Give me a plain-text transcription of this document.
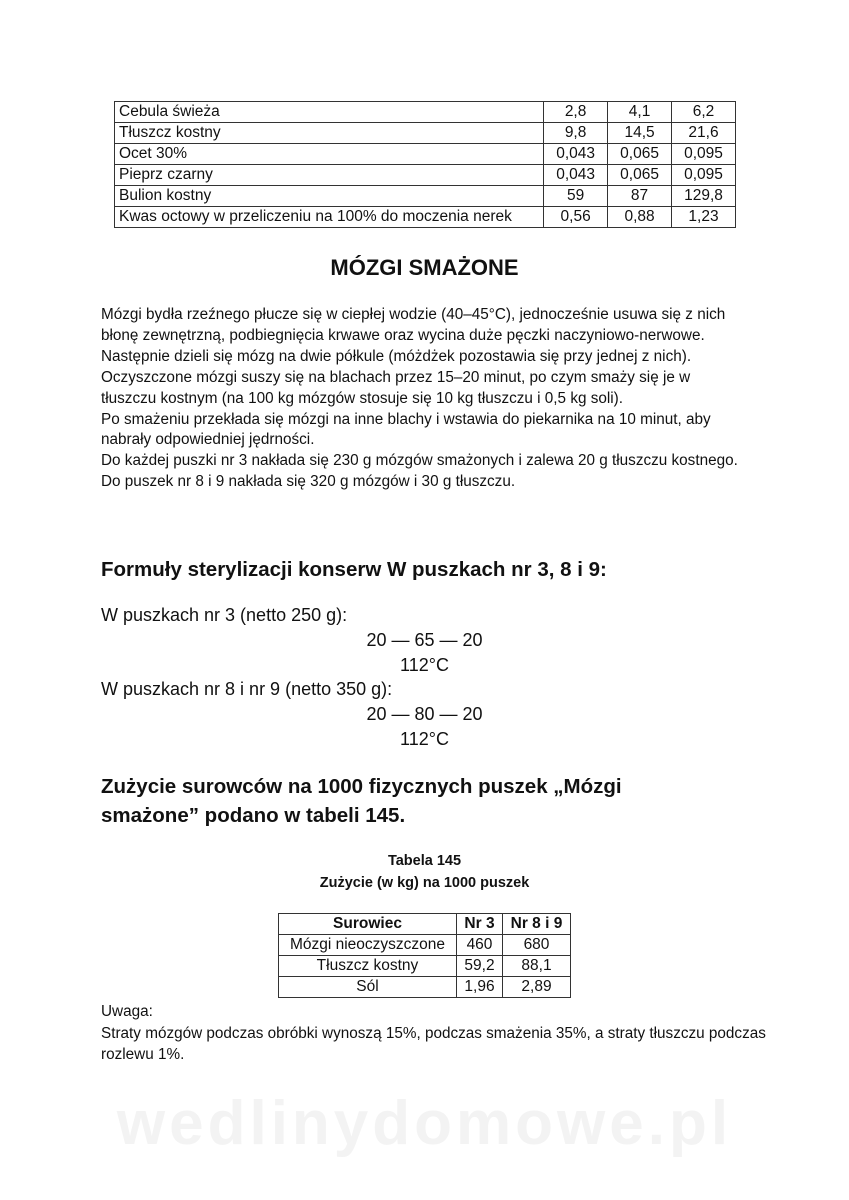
Cebula świeża	2,8	4,1	6,2
Tłuszcz kostny	9,8	14,5	21,6
Ocet 30%	0,043	0,065	0,095
Pieprz czarny	0,043	0,065	0,095
Bulion kostny	59	87	129,8
Kwas octowy w przeliczeniu na 100% do moczenia nerek	0,56	0,88	1,23
MÓZGI SMAŻONE

Mózgi bydła rzeźnego płucze się w ciepłej wodzie (40–45°C), jednocześnie usuwa się z nich błonę zewnętrzną, podbiegnięcia krwawe oraz wycina duże pęczki naczyniowo-nerwowe. Następnie dzieli się mózg na dwie półkule (móżdżek pozostawia się przy jednej z nich).

Oczyszczone mózgi suszy się na blachach przez 15–20 minut, po czym smaży się je w tłuszczu kostnym (na 100 kg mózgów stosuje się 10 kg tłuszczu i 0,5 kg soli).

Po smażeniu przekłada się mózgi na inne blachy i wstawia do piekarnika na 10 minut, aby nabrały odpowiedniej jędrności.

Do każdej puszki nr 3 nakłada się 230 g mózgów smażonych i zalewa 20 g tłuszczu kostnego.

Do puszek nr 8 i 9 nakłada się 320 g mózgów i 30 g tłuszczu.

Formuły sterylizacji konserw W puszkach nr 3, 8 i 9:
W puszkach nr 3 (netto 250 g):
20 — 65 — 20
112°C
W puszkach nr 8 i nr 9 (netto 350 g):
20 — 80 — 20
112°C
Zużycie surowców na 1000 fizycznych puszek „Mózgi smażone” podano w tabeli 145.
Tabela 145
Zużycie (w kg) na 1000 puszek
Surowiec	Nr 3	Nr 8 i 9
Mózgi nieoczyszczone	460	680
Tłuszcz kostny	59,2	88,1
Sól	1,96	2,89

Uwaga:

Straty mózgów podczas obróbki wynoszą 15%, podczas smażenia 35%, a straty tłuszczu podczas rozlewu 1%.

wedlinydomowe.pl
